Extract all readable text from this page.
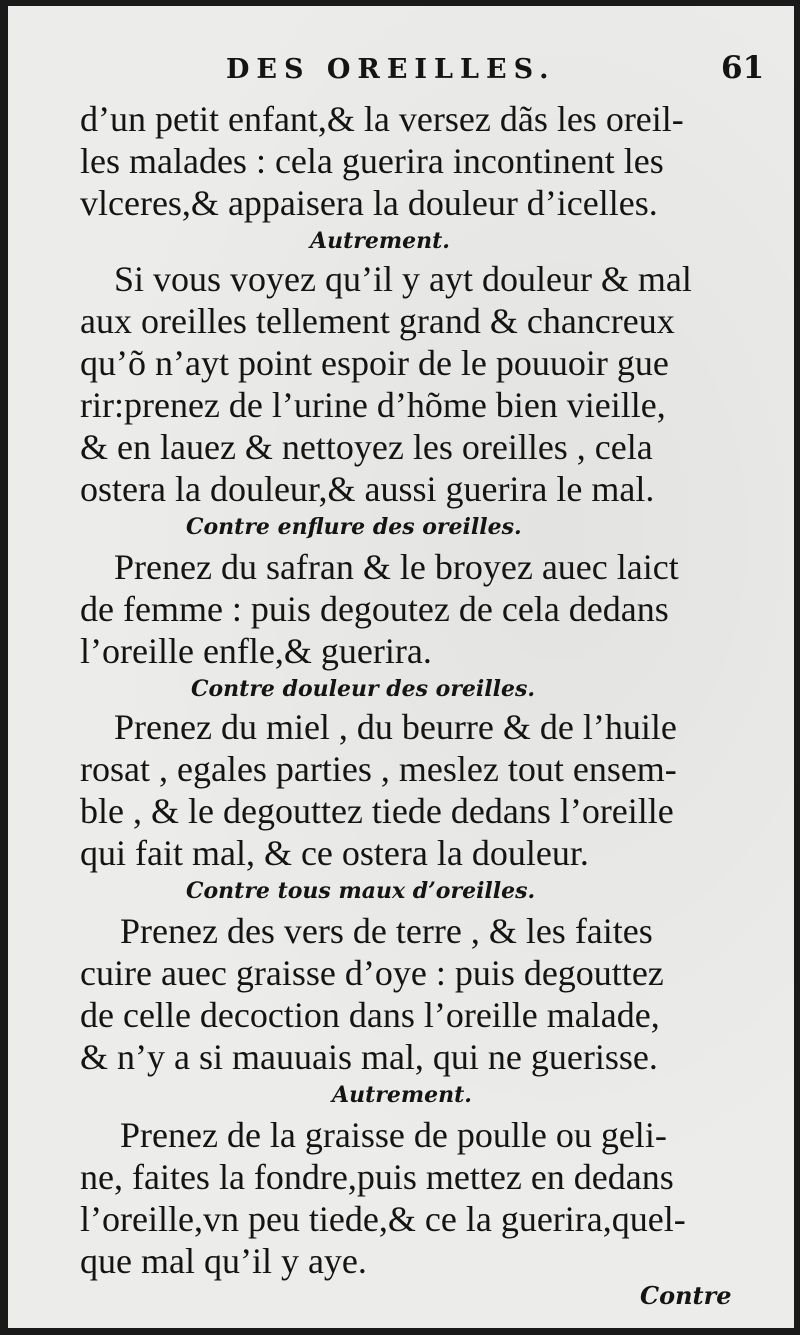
DES OREILLES.	61
d’un petit enfant,& la versez dãs les oreil-
les malades : cela guerira incontinent les
vlceres,& appaisera la douleur d’icelles.
Autrement.
Si vous voyez qu’il y ayt douleur & mal
aux oreilles tellement grand & chancreux
qu’õ n’ayt point espoir de le pouuoir gue
rir:prenez de l’urine d’hõme bien vieille,
& en lauez & nettoyez les oreilles , cela
ostera la douleur,& aussi guerira le mal.
Contre enflure des oreilles.
Prenez du safran & le broyez auec laict
de femme : puis degoutez de cela dedans
l’oreille enfle,& guerira.
Contre douleur des oreilles.
Prenez du miel , du beurre & de l’huile
rosat , egales parties , meslez tout ensem-
ble , & le degouttez tiede dedans l’oreille
qui fait mal, & ce ostera la douleur.
Contre tous maux d’oreilles.
Prenez des vers de terre , & les faites
cuire auec graisse d’oye : puis degouttez
de celle decoction dans l’oreille malade,
& n’y a si mauuais mal, qui ne guerisse.
Autrement.
Prenez de la graisse de poulle ou geli-
ne, faites la fondre,puis mettez en dedans
l’oreille,vn peu tiede,& ce la guerira,quel-
que mal qu’il y aye.
Contre
